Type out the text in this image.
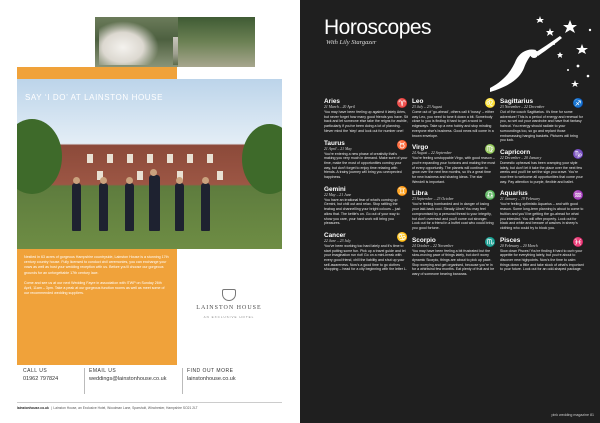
SAY ‘I DO’ AT LAINSTON HOUSE

Nestled in 63 acres of gorgeous Hampshire countryside, Lainston House is a stunning 17th century country house. Fully licensed to conduct civil ceremonies, you can exchange your vows as well as host your wedding reception with us. Before you'll choose our gorgeous grounds for an unforgettable 17th century lace.

Come and see us at our next Wedding Fayre in association with ITWP on Sunday 26th April, 11am – 3pm. Take a peak at our gorgeous function rooms as well as meet some of our recommended wedding suppliers.

LAINSTON HOUSE
AN EXCLUSIVE HOTEL
CALL US
01962 797824
EMAIL US
weddings@lainstonhouse.co.uk
FIND OUT MORE
lainstonhouse.co.uk
lainstonhouse.co.uk  |  Lainston House, an Exclusive Hotel, Woodman Lane, Sparsholt, Winchester, Hampshire SO21 2LT
Horoscopes
With Lily Stargazer
♈
Aries
21 March – 20 April
You may have been feeling up against it lately Aries, but never forget how many good friends you have. Sit back and let someone else take the reigns for awhile, particularly if you've been doing a lot of planning. Never mind the 'step' and look out for number one!
♉
Taurus
21 April – 21 May
You're entering a new phase of creativity that's making you very much in demand. Make sure of your time, make the most of opportunities coming your way, but don't forget to enjoy time relaxing with friends. A trainy journey will bring you unexpected happiness.
♊
Gemini
22 May – 21 June
You have an irrational fear of what's coming up Gemini, but chill out and relax. Stop rattling the teabag and channelling your bright colours – just allow that. The kettle's on. Go out of your way to show you care, your hard work will bring you pleasures.
♋
Cancer
22 June – 23 July
You've been working too hard lately and it's time to start putting some fun. Pick up a travel guide and let your imagination run riot! Go on a mini-break with every good friend, chill the liability and shut up your self-awareness. Now's a good time to go clothes shopping – head for a city beginning with the letter L.
♌
Leo
23 July – 23 August
Come out of 'go-ahead', others call it 'bossy' – either way Leo, you need to tone it down a bit. Somebody close to you is finding it hard to get a word in edgeways. Take up a new hobby and stop minding everyone else's business. Good news will come in a brown envelope.
♍
Virgo
24 August – 22 September
You're feeling unstoppable Virgo, with good reason – you're expanding your horizons and making the most of every opportunity. The planets will continue to grow over the next few months, so it's a great time for new business and sharing ideas. The star Wendell is important.
♎
Libra
23 September – 23 October
You're feeling bombarded and in danger of losing your laid-back cool. Steady Libra! You may feel compromised by a personal threat to your integrity, but don't overreact and you'll come out stronger. Look out for a friend in a buffet coat who could bring you good fortune.
♏
Scorpio
24 October – 22 November
You may have been feeling a bit frustrated but the slow-moving pace of things lately, but don't worry dynamic Scorpio, things are about to pick up pace. Stop worrying and get organised, because you're in for a whirlwind few months. Eat plenty of fruit and be wary of someone bearing bananas.
♐
Sagittarius
23 November – 22 December
Out of the couch Sagittarius. It's time for some adventure! This is a period of energy and renewal for you, so set out your wardrobe and have that fantasy haircut. You energy should radiate to your surroundings too, so go and replant those embarrassing hanging baskets. Pictures will bring you luck.
♑
Capricorn
22 December – 20 January
Domestic upheaval has been cramping your style lately, but don't let it take the place over the next few weeks and you'll be set the sign you crave. You're now free to welcome all opportunities that come your way. Pay attention to purple, flexible and ballet.
♒
Aquarius
21 January – 19 February
You're feeling optimistic Aquarius – and with good reason. Some long-term planning is about to come to fruition and you'll be getting the go-ahead for what you intended. You will offer property. Look out for black and white and beware of washes in sheep's clothing who could try to block you.
♓
Pisces
20 February – 20 March
Slow down Pisces! You're finding it hard to curb your appetite for everything lately, but you're about to discover new highpoints. Now's the time to calm things down a little and take stock of what's important to your future. Look out for an odd-shaped package.
pink wedding magazine 81
